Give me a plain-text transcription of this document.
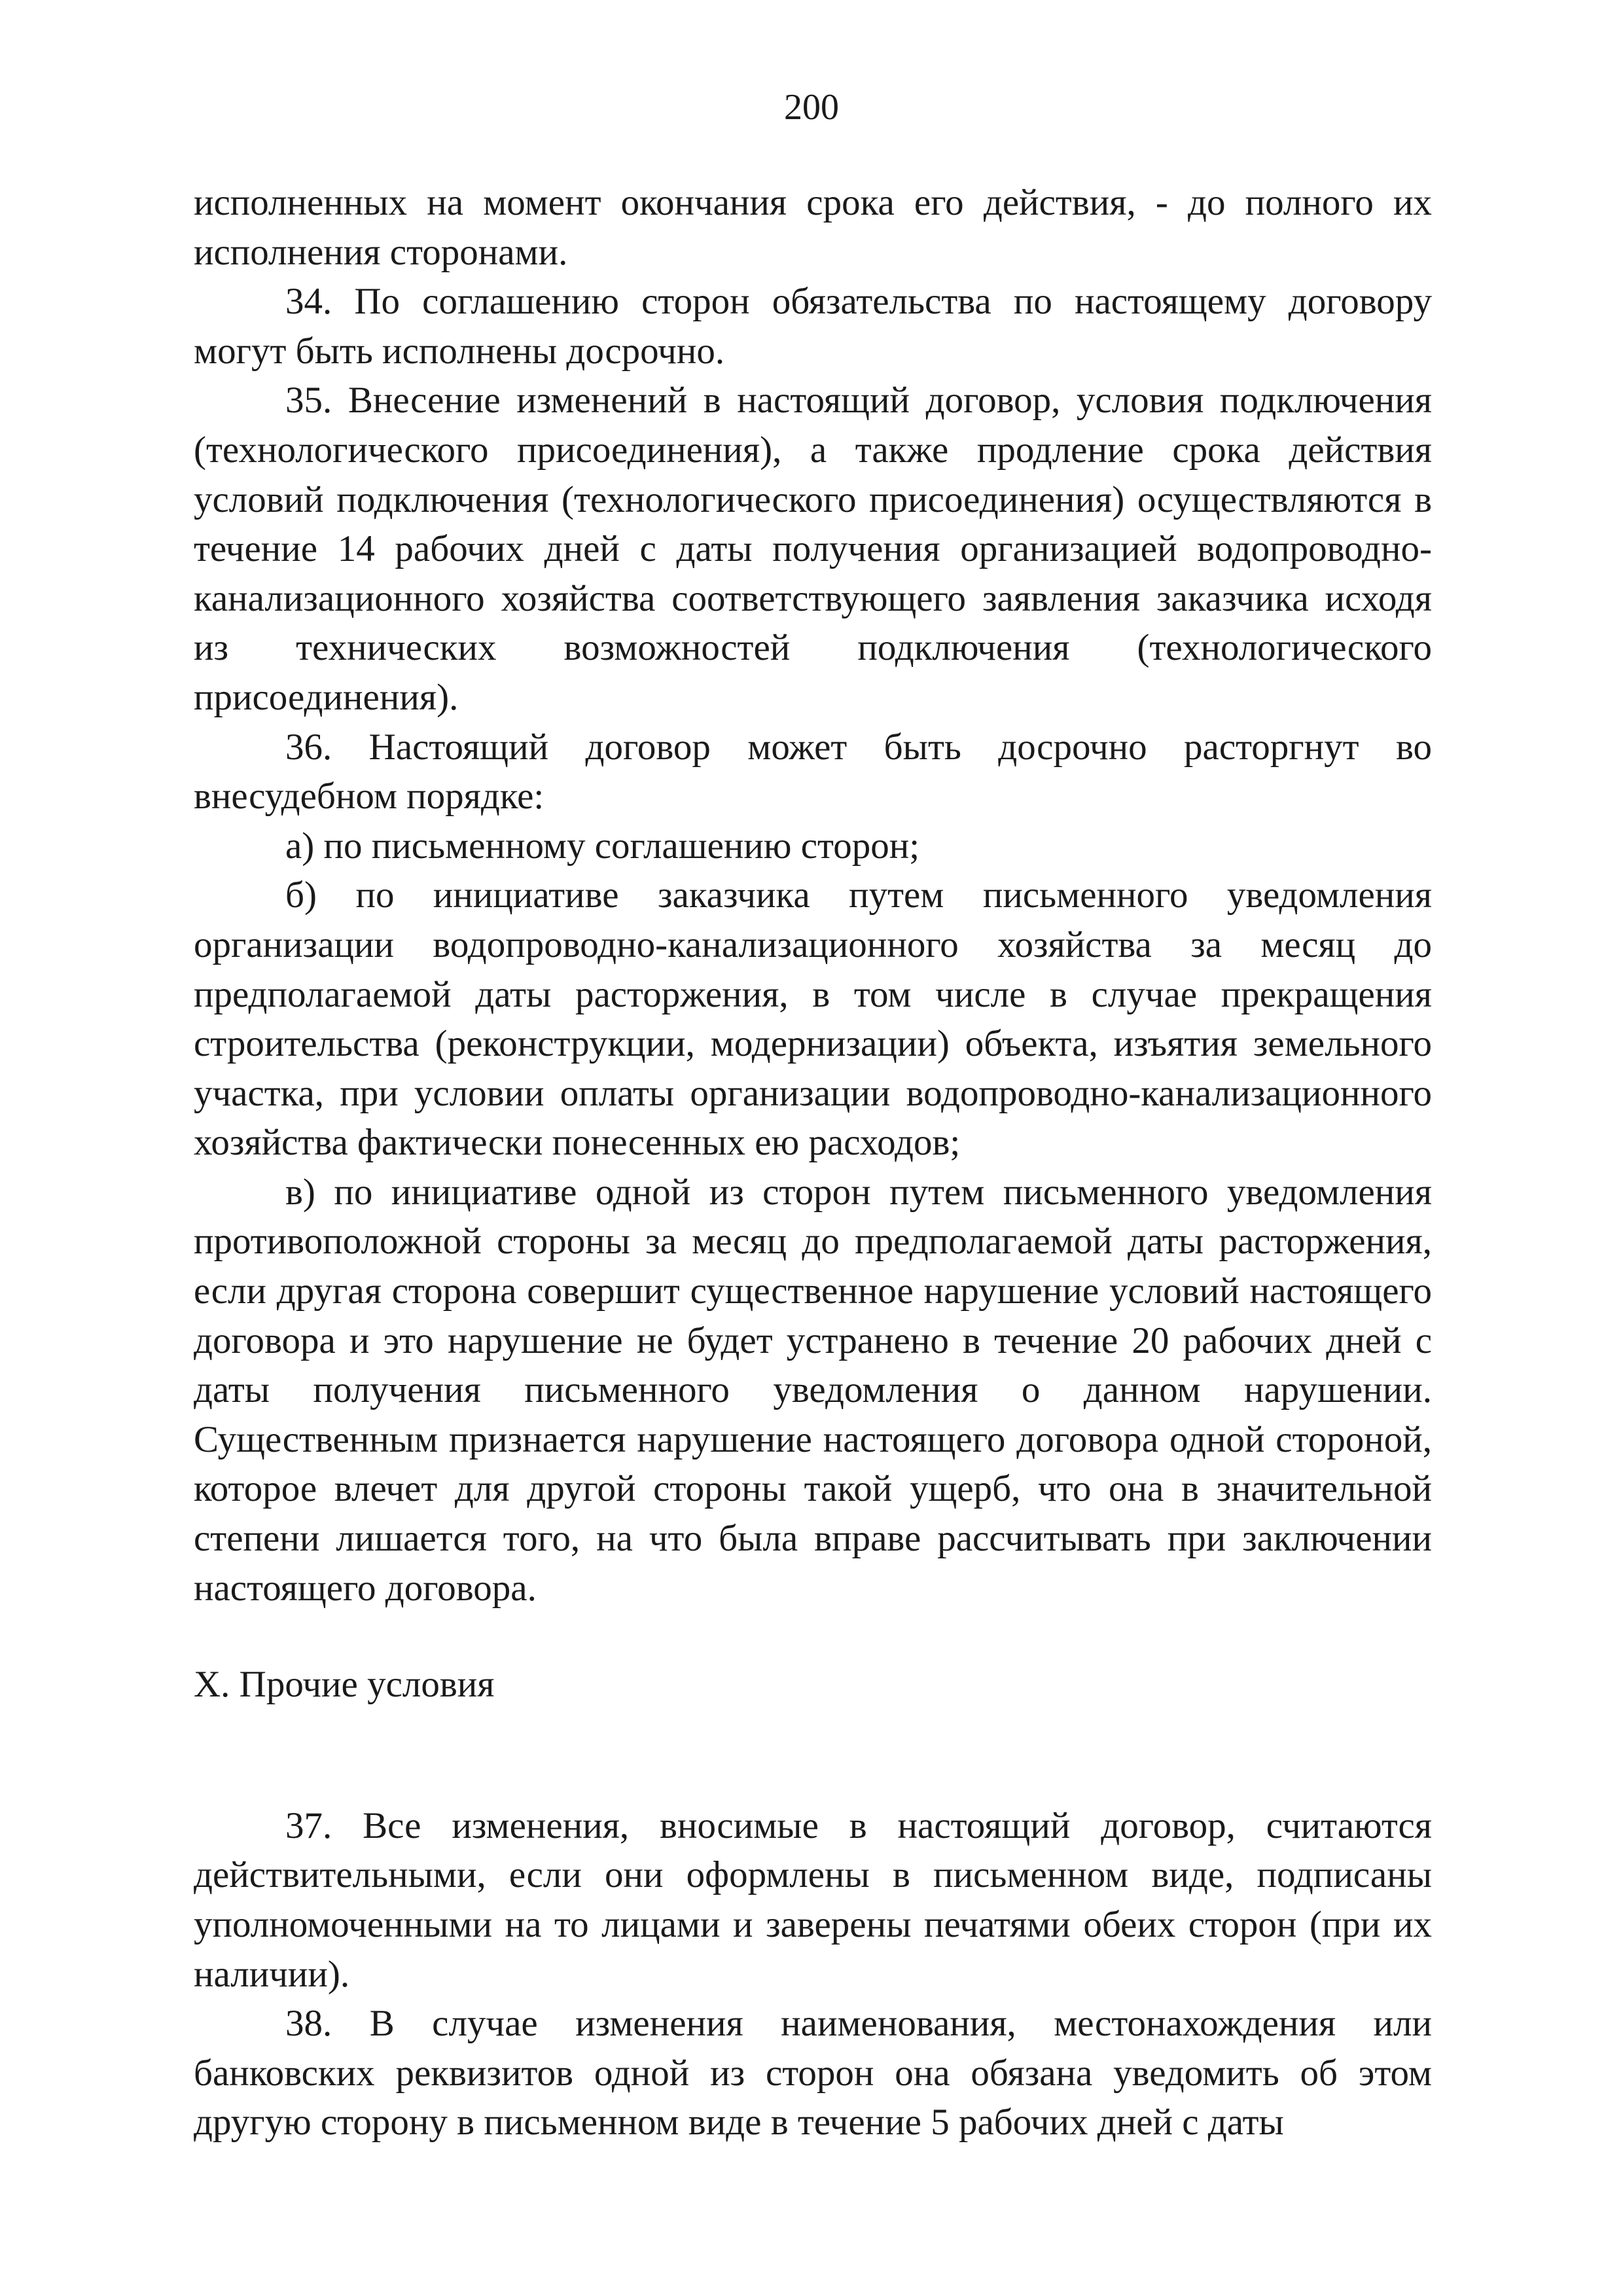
200

исполненных на момент окончания срока его действия, - до полного их исполнения сторонами.

34. По соглашению сторон обязательства по настоящему договору могут быть исполнены досрочно.

35. Внесение изменений в настоящий договор, условия подключения (технологического присоединения), а также продление срока действия условий подключения (технологического присоединения) осуществляются в течение 14 рабочих дней с даты получения организацией водопроводно-канализационного хозяйства соответствующего заявления заказчика исходя из технических возможностей подключения (технологического присоединения).

36. Настоящий договор может быть досрочно расторгнут во внесудебном порядке:

а) по письменному соглашению сторон;

б) по инициативе заказчика путем письменного уведомления организации водопроводно-канализационного хозяйства за месяц до предполагаемой даты расторжения, в том числе в случае прекращения строительства (реконструкции, модернизации) объекта, изъятия земельного участка, при условии оплаты организации водопроводно-канализационного хозяйства фактически понесенных ею расходов;

в) по инициативе одной из сторон путем письменного уведомления противоположной стороны за месяц до предполагаемой даты расторжения, если другая сторона совершит существенное нарушение условий настоящего договора и это нарушение не будет устранено в течение 20 рабочих дней с даты получения письменного уведомления о данном нарушении. Существенным признается нарушение настоящего договора одной стороной, которое влечет для другой стороны такой ущерб, что она в значительной степени лишается того, на что была вправе рассчитывать при заключении настоящего договора.

X. Прочие условия

37. Все изменения, вносимые в настоящий договор, считаются действительными, если они оформлены в письменном виде, подписаны уполномоченными на то лицами и заверены печатями обеих сторон (при их наличии).

38. В случае изменения наименования, местонахождения или банковских реквизитов одной из сторон она обязана уведомить об этом другую сторону в письменном виде в течение 5 рабочих дней с даты
